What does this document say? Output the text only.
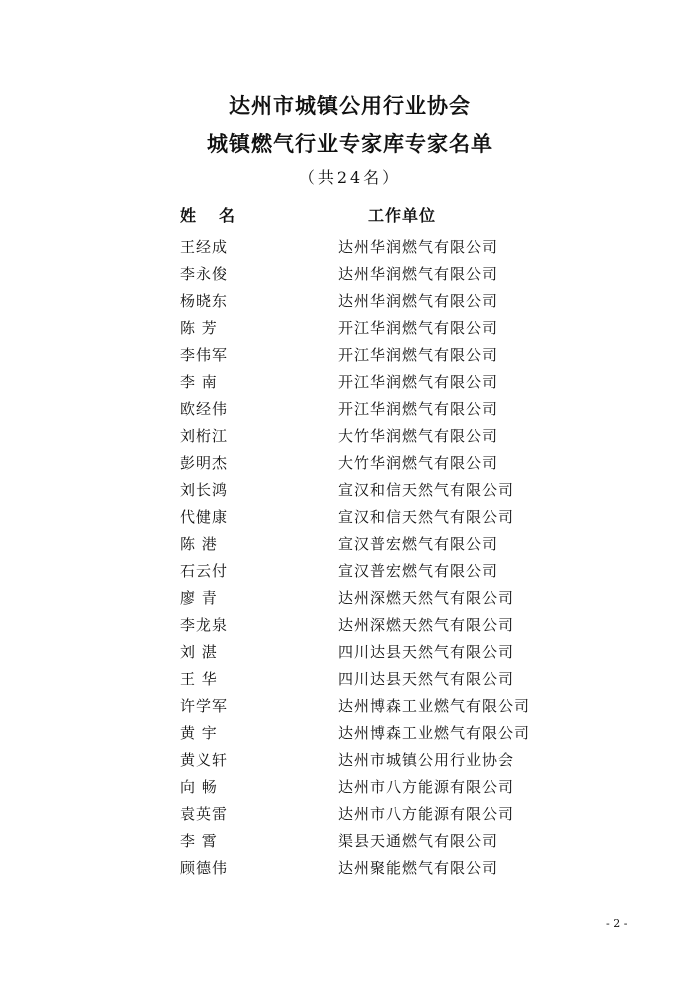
达州市城镇公用行业协会
城镇燃气行业专家库专家名单
（共24名）
姓名	工作单位
王经成	达州华润燃气有限公司
李永俊	达州华润燃气有限公司
杨晓东	达州华润燃气有限公司
陈 芳	开江华润燃气有限公司
李伟军	开江华润燃气有限公司
李 南	开江华润燃气有限公司
欧经伟	开江华润燃气有限公司
刘桁江	大竹华润燃气有限公司
彭明杰	大竹华润燃气有限公司
刘长鸿	宣汉和信天然气有限公司
代健康	宣汉和信天然气有限公司
陈 港	宣汉普宏燃气有限公司
石云付	宣汉普宏燃气有限公司
廖 青	达州深燃天然气有限公司
李龙泉	达州深燃天然气有限公司
刘 湛	四川达县天然气有限公司
王 华	四川达县天然气有限公司
许学军	达州博森工业燃气有限公司
黄 宇	达州博森工业燃气有限公司
黄义轩	达州市城镇公用行业协会
向 畅	达州市八方能源有限公司
袁英雷	达州市八方能源有限公司
李 霄	渠县天通燃气有限公司
顾德伟	达州聚能燃气有限公司
- 2 -
